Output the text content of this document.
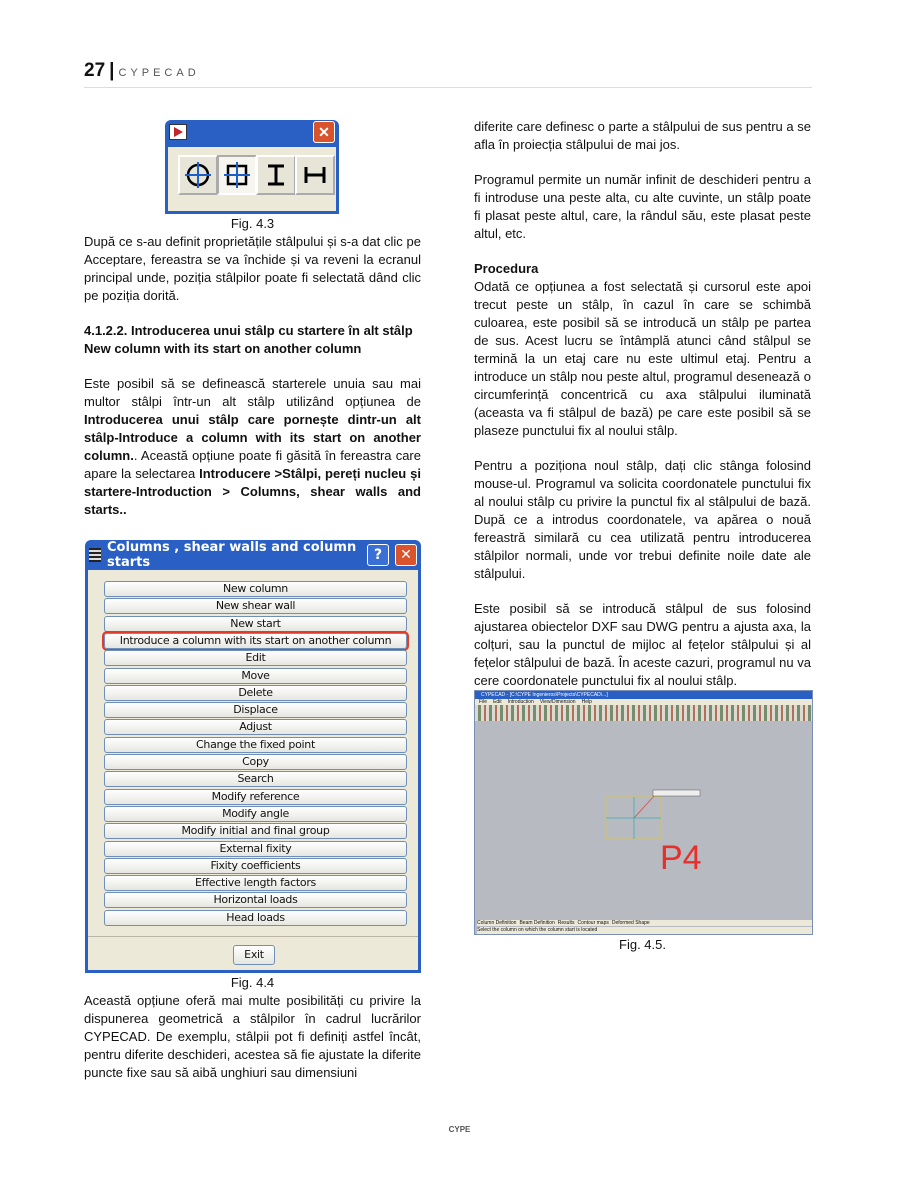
27 | CYPECAD
✕
Fig. 4.3

După ce s-au definit proprietățile stâlpului și s-a dat clic pe Acceptare, fereastra se va închide și va reveni la ecranul principal unde, poziția stâlpilor poate fi selectată dând clic pe poziția dorită.

4.1.2.2. Introducerea unui stâlp cu startere în alt stâlp

New column with its start on another column

Este posibil să se definească starterele unuia sau mai multor stâlpi într-un alt stâlp utilizând opțiunea de Introducerea unui stâlp care pornește dintr-un alt stâlp-Introduce a column with its start on another column.. Această opțiune poate fi găsită în fereastra care apare la selectarea Introducere >Stâlpi, pereți nucleu și startere-Introduction > Columns, shear walls and starts..

Columns , shear walls and column starts	?	✕
New column
New shear wall
New start
Introduce a column with its start on another column
Edit
Move
Delete
Displace
Adjust
Change the fixed point
Copy
Search
Modify reference
Modify angle
Modify initial and final group
External fixity
Fixity coefficients
Effective length factors
Horizontal loads
Head loads
Exit
Fig. 4.4

Această opțiune oferă mai multe posibilități cu privire la dispunerea geometrică a stâlpilor în cadrul lucrărilor CYPECAD. De exemplu, stâlpii pot fi definiți astfel încât, pentru diferite deschideri, acestea să fie ajustate la diferite puncte fixe sau să aibă unghiuri sau dimensiuni

diferite care definesc o parte a stâlpului de sus pentru a se afla în proiecția stâlpului de mai jos.

Programul permite un număr infinit de deschideri pentru a fi introduse una peste alta, cu alte cuvinte, un stâlp poate fi plasat peste altul, care, la rândul său, este plasat peste altul, etc.

Procedura

Odată ce opțiunea a fost selectată și cursorul este apoi trecut peste un stâlp, în cazul în care se schimbă culoarea, este posibil să se introducă un stâlp pe partea de sus. Acest lucru se întâmplă atunci când stâlpul se termină la un etaj care nu este ultimul etaj. Pentru a introduce un stâlp nou peste altul, programul desenează o circumferință concentrică cu axa stâlpului iluminată (aceasta va fi stâlpul de bază) pe care este posibil să se plaseze punctului fix al noului stâlp.

Pentru a poziționa noul stâlp, dați clic stânga folosind mouse-ul. Programul va solicita coordonatele punctului fix al noului stâlp cu privire la punctul fix al stâlpului de bază. După ce a introdus coordonatele, va apărea o nouă fereastră similară cu cea utilizată pentru introducerea stâlpilor normali, unde vor trebui definite noile date ale stâlpului.

Este posibil să se introducă stâlpul de sus folosind ajustarea obiectelor DXF sau DWG pentru a ajusta axa, la colțuri, sau la punctul de mijloc al fețelor stâlpului și al fețelor stâlpului de bază. În aceste cazuri, programul nu va cere coordonatele punctului fix al noului stâlp.

CYPECAD - [C:\CYPE Ingenieros\Projects\CYPECAD\...]
File Edit Introduction View/Dimension Help
P4
Column Definition Beam Definition Results Contour maps Deformed Shape
Select the column on which the column start is located
Fig. 4.5.
CYPE
